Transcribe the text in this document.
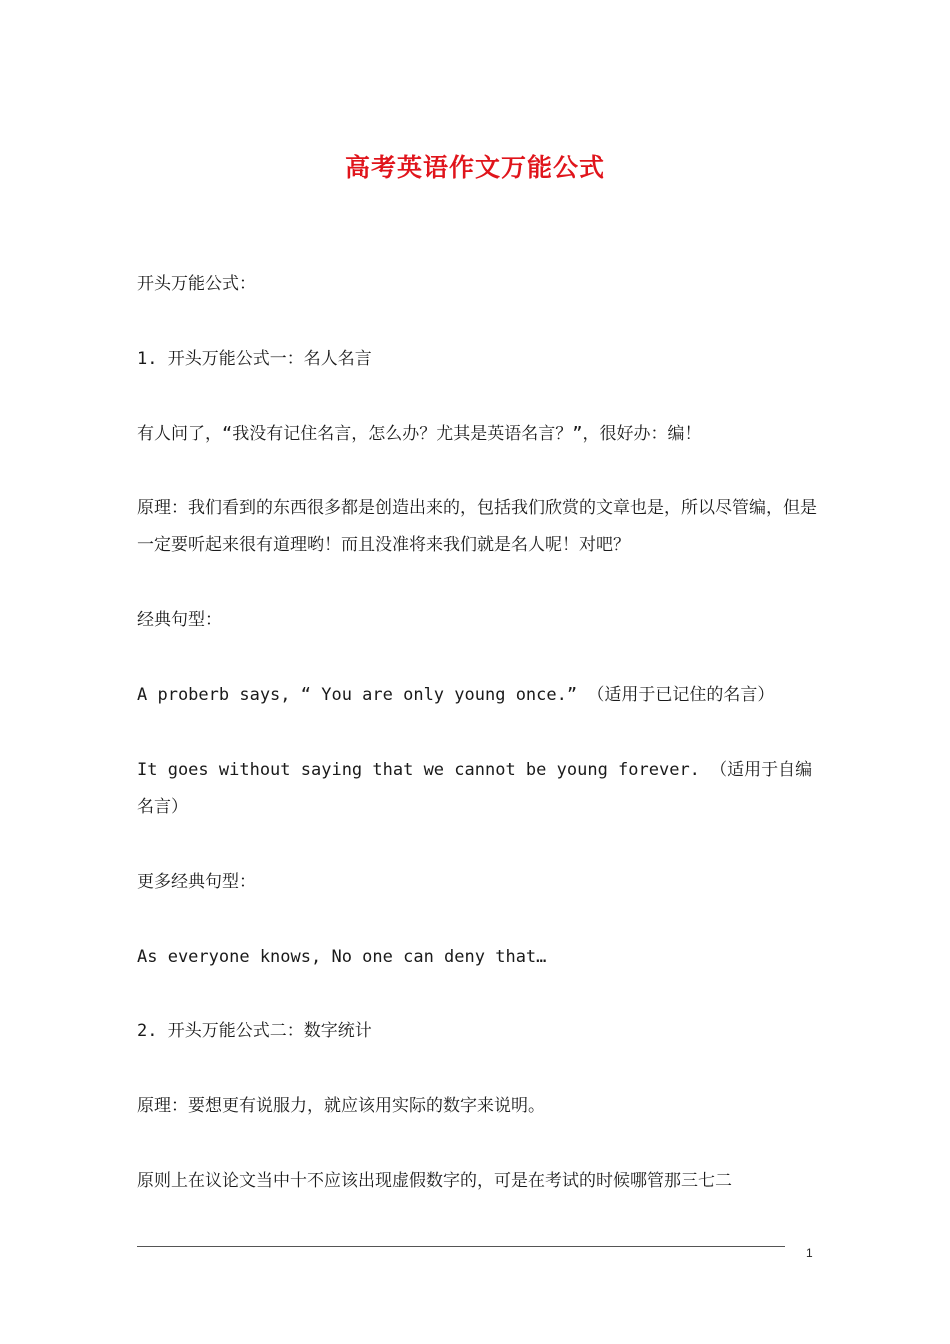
高考英语作文万能公式
开头万能公式：
1. 开头万能公式一：名人名言
有人问了，“我没有记住名言，怎么办？尤其是英语名言？”，很好办：编！
原理：我们看到的东西很多都是创造出来的，包括我们欣赏的文章也是，所以尽管编，但是一定要听起来很有道理哟！而且没准将来我们就是名人呢！对吧？
经典句型：
A proberb says, “ You are only young once.” （适用于已记住的名言）
It goes without saying that we cannot be young forever. （适用于自编名言）
更多经典句型：
As everyone knows, No one can deny that…
2. 开头万能公式二：数字统计
原理：要想更有说服力，就应该用实际的数字来说明。
原则上在议论文当中十不应该出现虚假数字的，可是在考试的时候哪管那三七二
1
